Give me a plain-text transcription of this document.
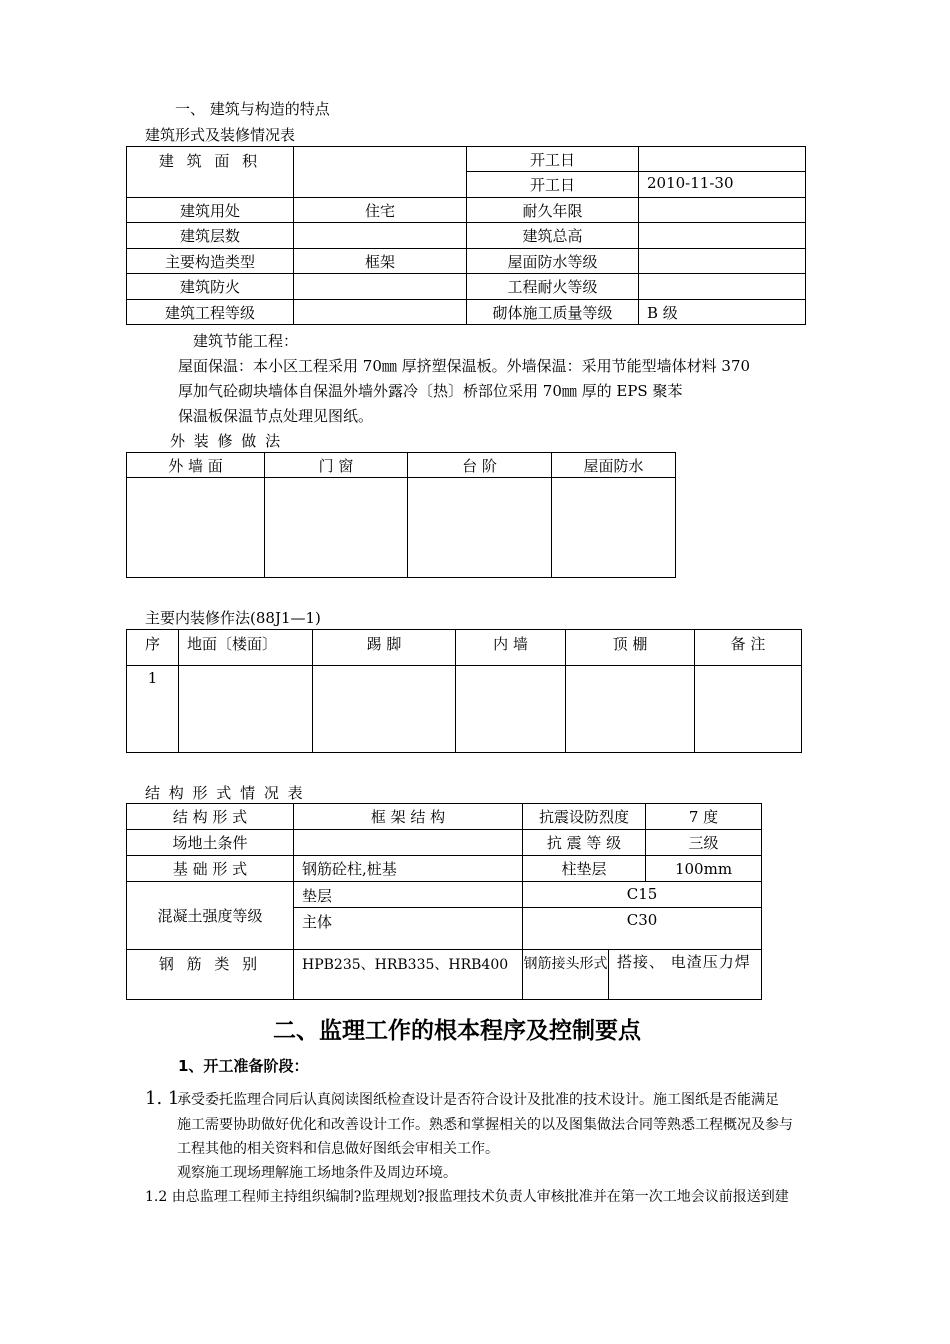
一、 建筑与构造的特点
建筑形式及装修情况表
建 筑 面 积		开工日	
		开工日	2010-11-30
建筑用处	住宅	耐久年限	
建筑层数		建筑总高	
主要构造类型	框架	屋面防水等级	
建筑防火		工程耐火等级	
建筑工程等级		砌体施工质量等级	B 级
建筑节能工程：
屋面保温：本小区工程采用 70㎜ 厚挤塑保温板。外墙保温：采用节能型墙体材料 370
厚加气砼砌块墙体自保温外墙外露冷〔热〕桥部位采用 70㎜ 厚的 EPS 聚苯
保温板保温节点处理见图纸。
外 装 修 做 法
外 墙 面	门 窗	台 阶	屋面防水

主要内装修作法(88J1—1)
序	地面〔楼面〕	踢 脚	内 墙	顶 棚	备 注
1					
结 构 形 式 情 况 表
结 构 形 式	框 架 结 构	抗震设防烈度		7 度
场地土条件		抗 震 等 级		三级
基 础 形 式	钢筋砼柱,桩基	柱垫层		100mm
混凝土强度等级	垫层	C15		
	主体	C30		
钢 筋 类 别	HPB235、HRB335、HRB400	钢筋接头形式	搭接、 电渣压力焊	
二、监理工作的根本程序及控制要点
1、开工准备阶段：
1. 1
承受委托监理合同后认真阅读图纸检查设计是否符合设计及批准的技术设计。施工图纸是否能满足
施工需要协助做好优化和改善设计工作。熟悉和掌握相关的以及图集做法合同等熟悉工程概况及参与
工程其他的相关资料和信息做好图纸会审相关工作。
观察施工现场理解施工场地条件及周边环境。
1.2 由总监理工程师主持组织编制?监理规划?报监理技术负责人审核批准并在第一次工地会议前报送到建
